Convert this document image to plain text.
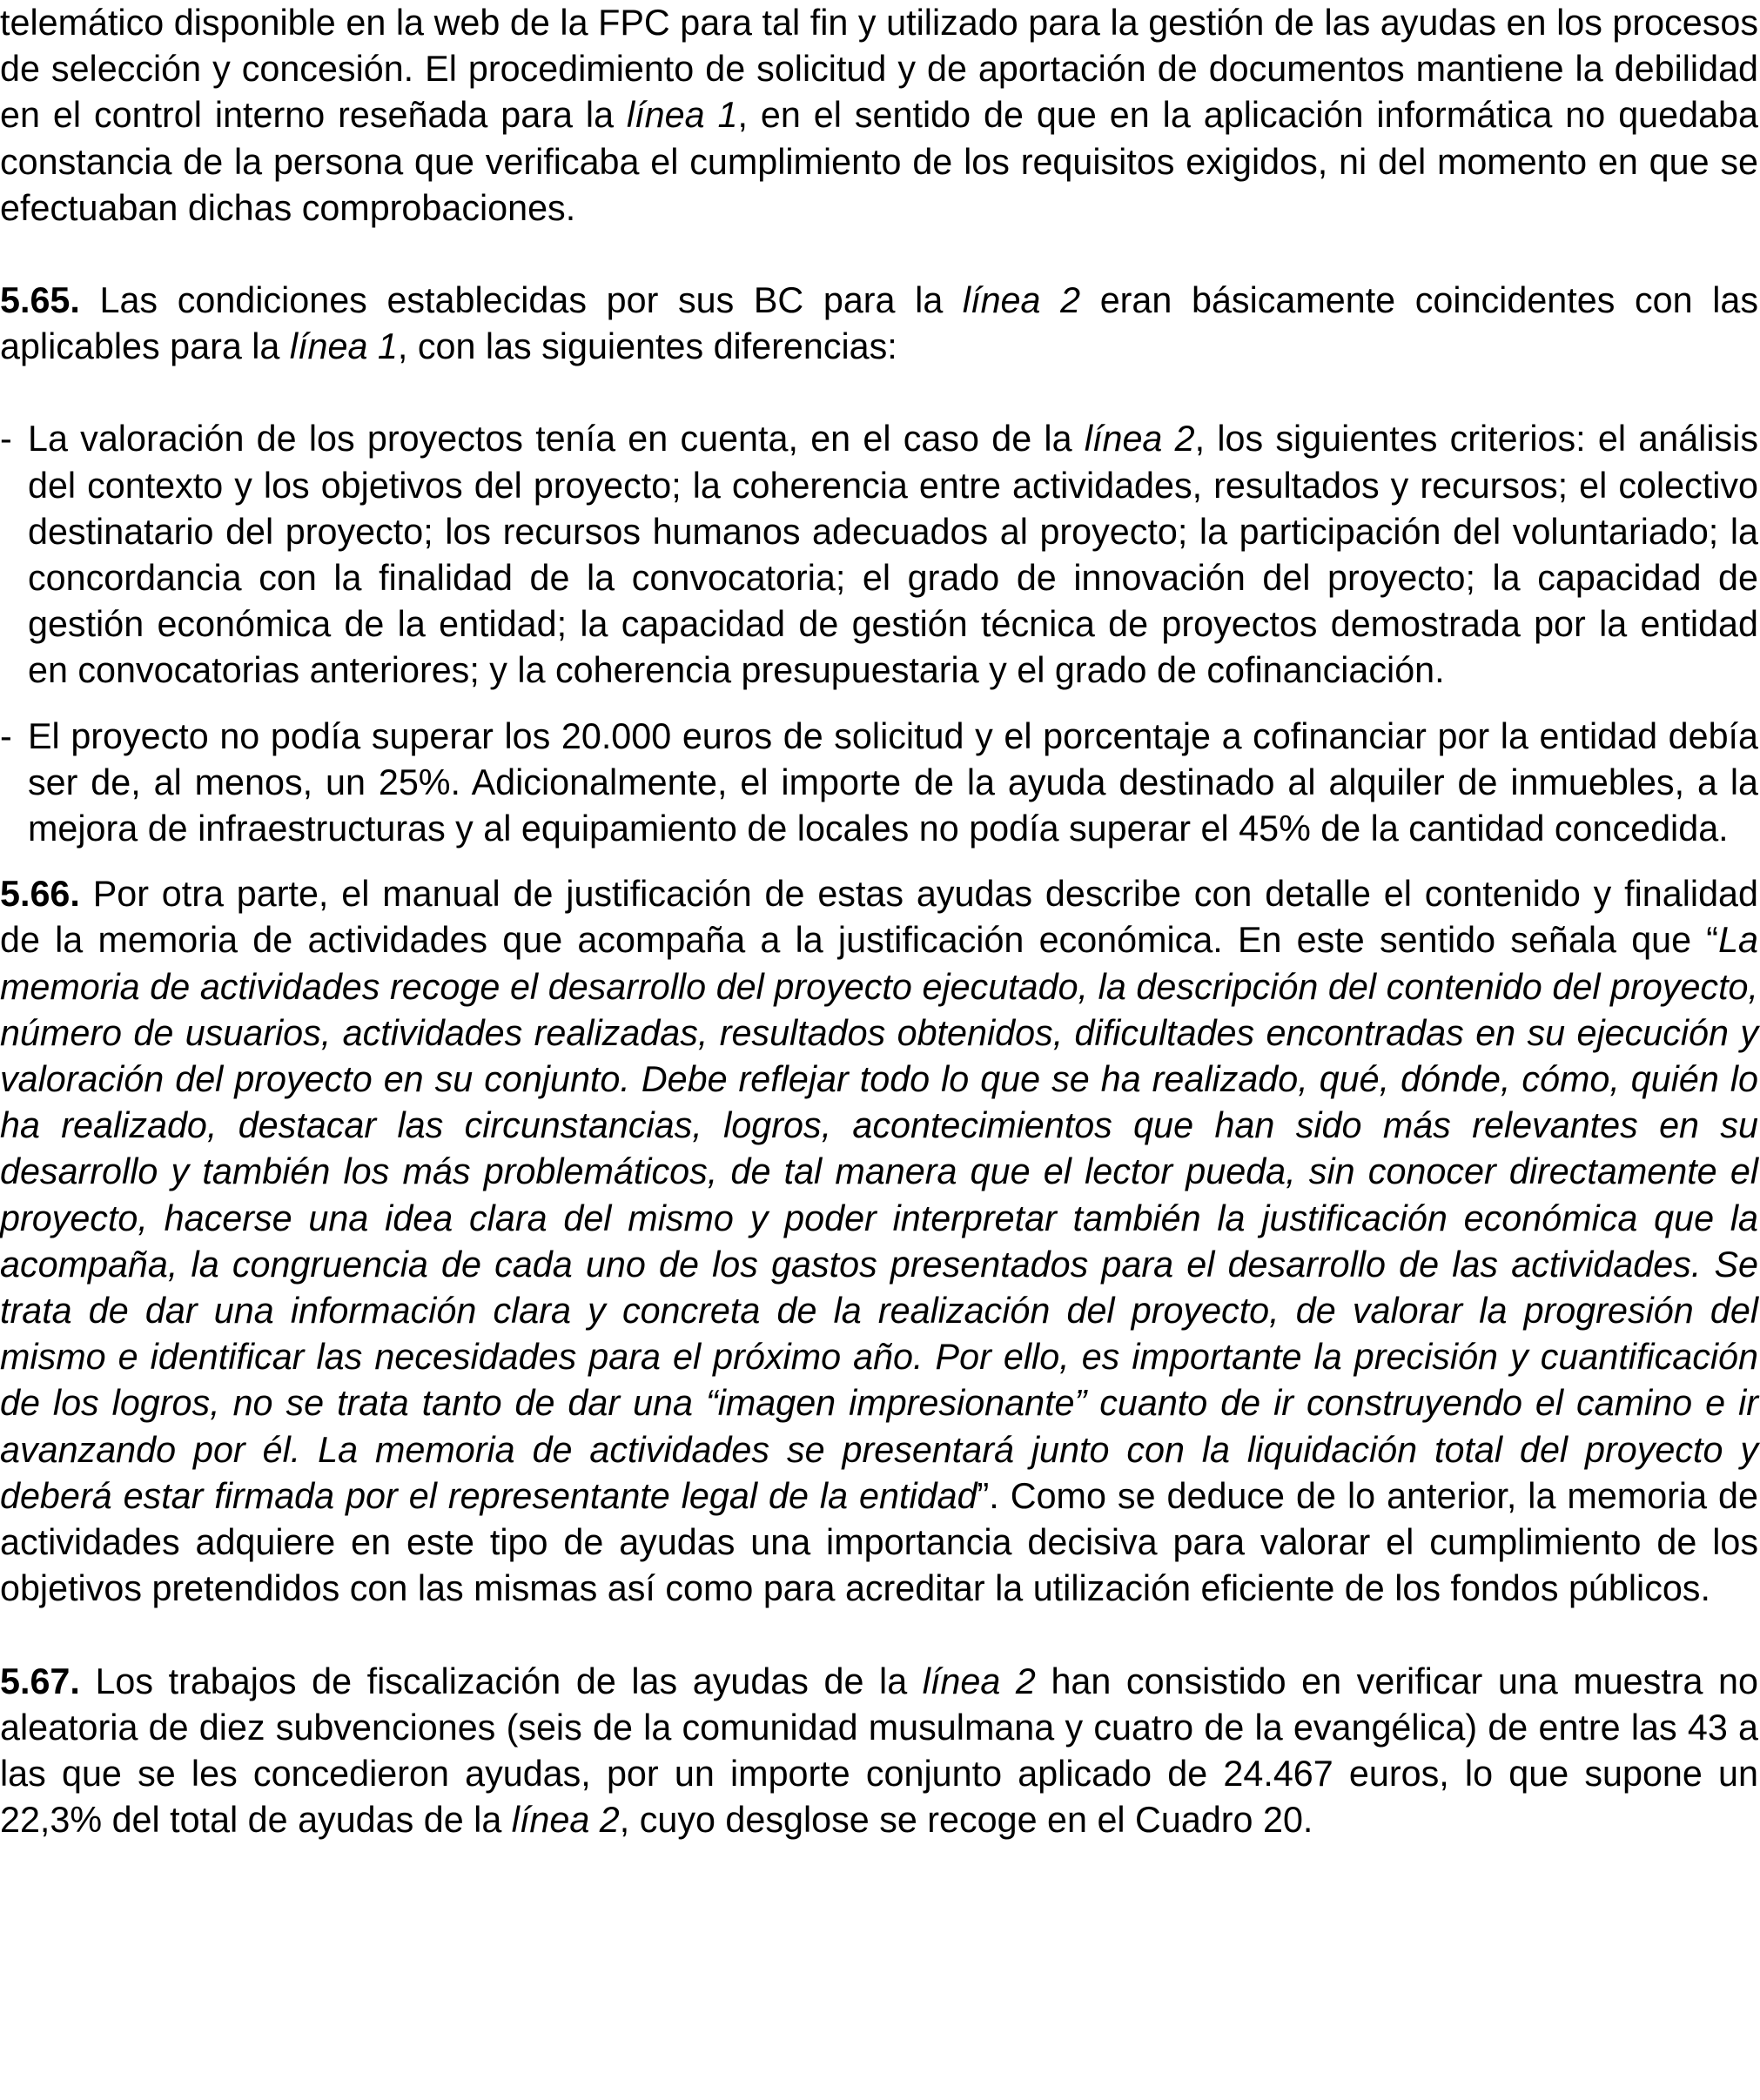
telemático disponible en la web de la FPC para tal fin y utilizado para la gestión de las ayudas en los procesos de selección y concesión. El procedimiento de solicitud y de aportación de documentos mantiene la debilidad en el control interno reseñada para la línea 1, en el sentido de que en la aplicación informática no quedaba constancia de la persona que verificaba el cumplimiento de los requisitos exigidos, ni del momento en que se efectuaban dichas comprobaciones.

5.65. Las condiciones establecidas por sus BC para la línea 2 eran básicamente coincidentes con las aplicables para la línea 1, con las siguientes diferencias:

- La valoración de los proyectos tenía en cuenta, en el caso de la línea 2, los siguientes criterios: el análisis del contexto y los objetivos del proyecto; la coherencia entre actividades, resultados y recursos; el colectivo destinatario del proyecto; los recursos humanos adecuados al proyecto; la participación del voluntariado; la concordancia con la finalidad de la convocatoria; el grado de innovación del proyecto; la capacidad de gestión económica de la entidad; la capacidad de gestión técnica de proyectos demostrada por la entidad en convocatorias anteriores; y la coherencia presupuestaria y el grado de cofinanciación.
- El proyecto no podía superar los 20.000 euros de solicitud y el porcentaje a cofinanciar por la entidad debía ser de, al menos, un 25%. Adicionalmente, el importe de la ayuda destinado al alquiler de inmuebles, a la mejora de infraestructuras y al equipamiento de locales no podía superar el 45% de la cantidad concedida.

5.66. Por otra parte, el manual de justificación de estas ayudas describe con detalle el contenido y finalidad de la memoria de actividades que acompaña a la justificación económica. En este sentido señala que “La memoria de actividades recoge el desarrollo del proyecto ejecutado, la descripción del contenido del proyecto, número de usuarios, actividades realizadas, resultados obtenidos, dificultades encontradas en su ejecución y valoración del proyecto en su conjunto. Debe reflejar todo lo que se ha realizado, qué, dónde, cómo, quién lo ha realizado, destacar las circunstancias, logros, acontecimientos que han sido más relevantes en su desarrollo y también los más problemáticos, de tal manera que el lector pueda, sin conocer directamente el proyecto, hacerse una idea clara del mismo y poder interpretar también la justificación económica que la acompaña, la congruencia de cada uno de los gastos presentados para el desarrollo de las actividades. Se trata de dar una información clara y concreta de la realización del proyecto, de valorar la progresión del mismo e identificar las necesidades para el próximo año. Por ello, es importante la precisión y cuantificación de los logros, no se trata tanto de dar una “imagen impresionante” cuanto de ir construyendo el camino e ir avanzando por él. La memoria de actividades se presentará junto con la liquidación total del proyecto y deberá estar firmada por el representante legal de la entidad”. Como se deduce de lo anterior, la memoria de actividades adquiere en este tipo de ayudas una importancia decisiva para valorar el cumplimiento de los objetivos pretendidos con las mismas así como para acreditar la utilización eficiente de los fondos públicos.

5.67. Los trabajos de fiscalización de las ayudas de la línea 2 han consistido en verificar una muestra no aleatoria de diez subvenciones (seis de la comunidad musulmana y cuatro de la evangélica) de entre las 43 a las que se les concedieron ayudas, por un importe conjunto aplicado de 24.467 euros, lo que supone un 22,3% del total de ayudas de la línea 2, cuyo desglose se recoge en el Cuadro 20.
